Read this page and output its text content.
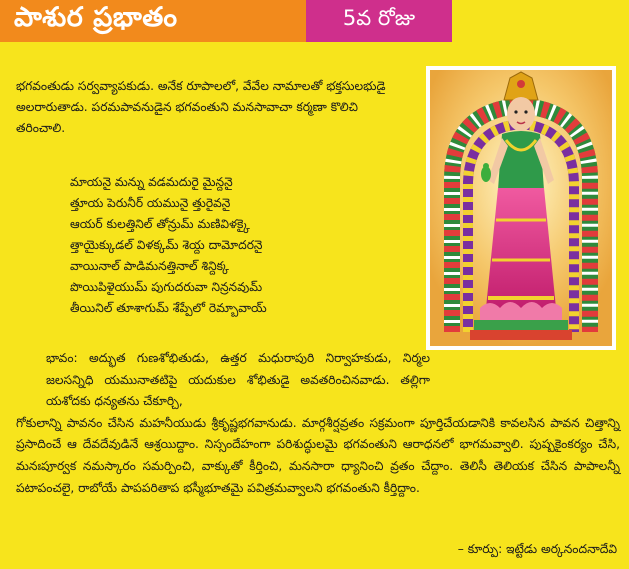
పాశుర ప్రభాతం	5వ రోజు
భగవంతుడు సర్వవ్యాపకుడు. అనేక రూపాలలో, వేవేల నామాలతో భక్తసులభుడై అలరారుతాడు. పరమపావనుడైన భగవంతుని మనసావాచా కర్మణా కొలిచి తరించాలి.
మాయనై మన్ను వడమదురై మైన్దనై
త్తూయ పెరునీర్ యమునై త్తురైవనై
ఆయర్ కులత్తినిల్ తోన్రుమ్ మణివిళక్కై
త్తాయైక్కుడల్ విళక్కమ్ శెయ్ద దామోదరనై
వాయినాల్ పాడిమనత్తినాల్ శిన్దిక్క
పొయిపిళైయుమ్ పుగుదరువా నిన్రనవుమ్
తీయినిల్ తూశాగుమ్ శేప్పేలో రెమ్బావాయ్

భావం: అద్భుత గుణశోభితుడు, ఉత్తర మధురాపురి నిర్వాహకుడు, నిర్మల జలసన్నిధి యమునాతటిపై యదుకుల శోభితుడై అవతరించినవాడు. తల్లిగా యశోదకు ధన్యతను చేకూర్చి,

గోకులాన్ని పావనం చేసిన మహనీయుడు శ్రీకృష్ణభగవానుడు. మార్గశీర్షవ్రతం సక్రమంగా పూర్తిచేయడానికి కావలసిన పావన చిత్తాన్ని ప్రసాదించే ఆ దేవదేవుడినే ఆశ్రయిద్దాం. నిస్సందేహంగా పరిశుద్ధులమై భగవంతుని ఆరాధనలో భాగమవ్వాలి. పుష్పకైంకర్యం చేసి, మనఃపూర్వక నమస్కారం సమర్పించి, వాక్కుతో కీర్తించి, మనసారా ధ్యానించి వ్రతం చేద్దాం. తెలిసీ తెలియక చేసిన పాపాలన్నీ పటాపంచలై, రాబోయే పాపపరితాప భస్మీభూతమై పవిత్రమవ్వాలని భగవంతుని కీర్తిద్దాం.

– కూర్పు: ఇట్టేడు అర్కనందనాదేవి
